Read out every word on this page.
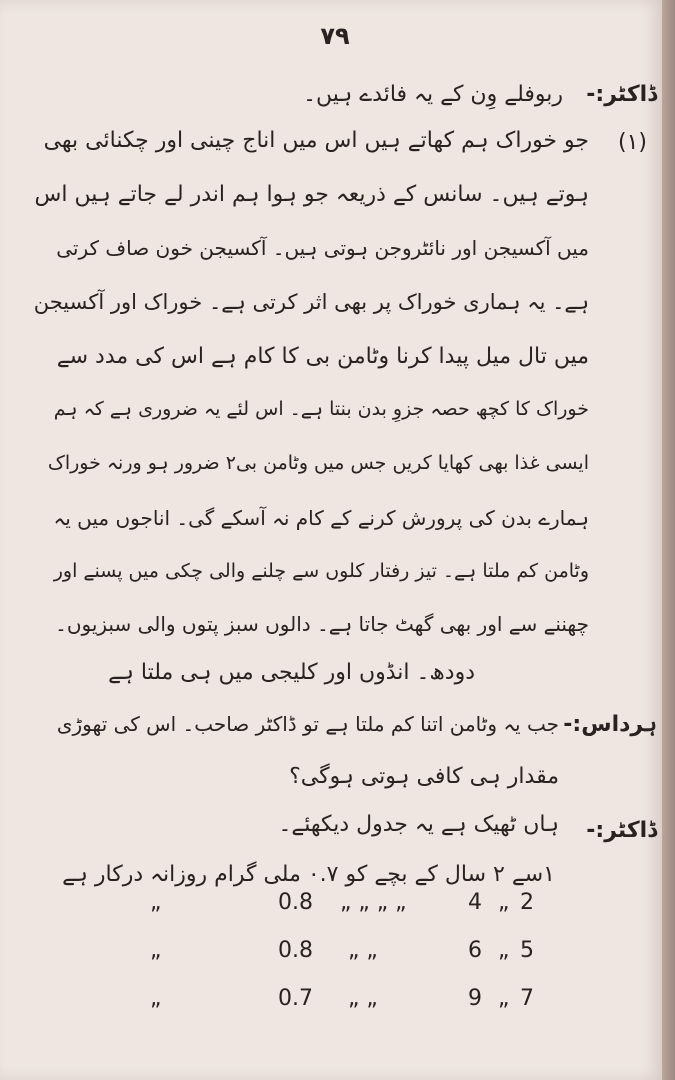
۷۹
ڈاکٹر:-
ربوفلے وِن کے یہ فائدے ہیں۔
(۱)
جو خوراک ہم کھاتے ہیں اس میں اناج چینی اور چکنائی بھی
ہوتے ہیں۔ سانس کے ذریعہ جو ہوا ہم اندر لے جاتے ہیں اس
میں آکسیجن اور نائٹروجن ہوتی ہیں۔ آکسیجن خون صاف کرتی
ہے۔ یہ ہماری خوراک پر بھی اثر کرتی ہے۔ خوراک اور آکسیجن
میں تال میل پیدا کرنا وٹامن بی کا کام ہے اس کی مدد سے
خوراک کا کچھ حصہ جزوِ بدن بنتا ہے۔ اس لئے یہ ضروری ہے کہ ہم
ایسی غذا بھی کھایا کریں جس میں وٹامن بی۲ ضرور ہو ورنہ خوراک
ہمارے بدن کی پرورش کرنے کے کام نہ آسکے گی۔ اناجوں میں یہ
وٹامن کم ملتا ہے۔ تیز رفتار کلوں سے چلنے والی چکی میں پسنے اور
چھننے سے اور بھی گھٹ جاتا ہے۔ دالوں سبز پتوں والی سبزیوں۔
دودھ۔ انڈوں اور کلیجی میں ہی ملتا ہے
ہرداس:-
جب یہ وٹامن اتنا کم ملتا ہے تو ڈاکٹر صاحب۔ اس کی تھوڑی
مقدار ہی کافی ہوتی ہوگی؟
ڈاکٹر:-
ہاں ٹھیک ہے یہ جدول دیکھئے۔
۱سے ۲ سال کے بچے کو ۰.۷ ملی گرام روزانہ درکار ہے
„	0.8 „ „ „ „	4 „ 2
„	0.8 „ „	6 „ 5
„	0.7 „ „	9 „ 7
